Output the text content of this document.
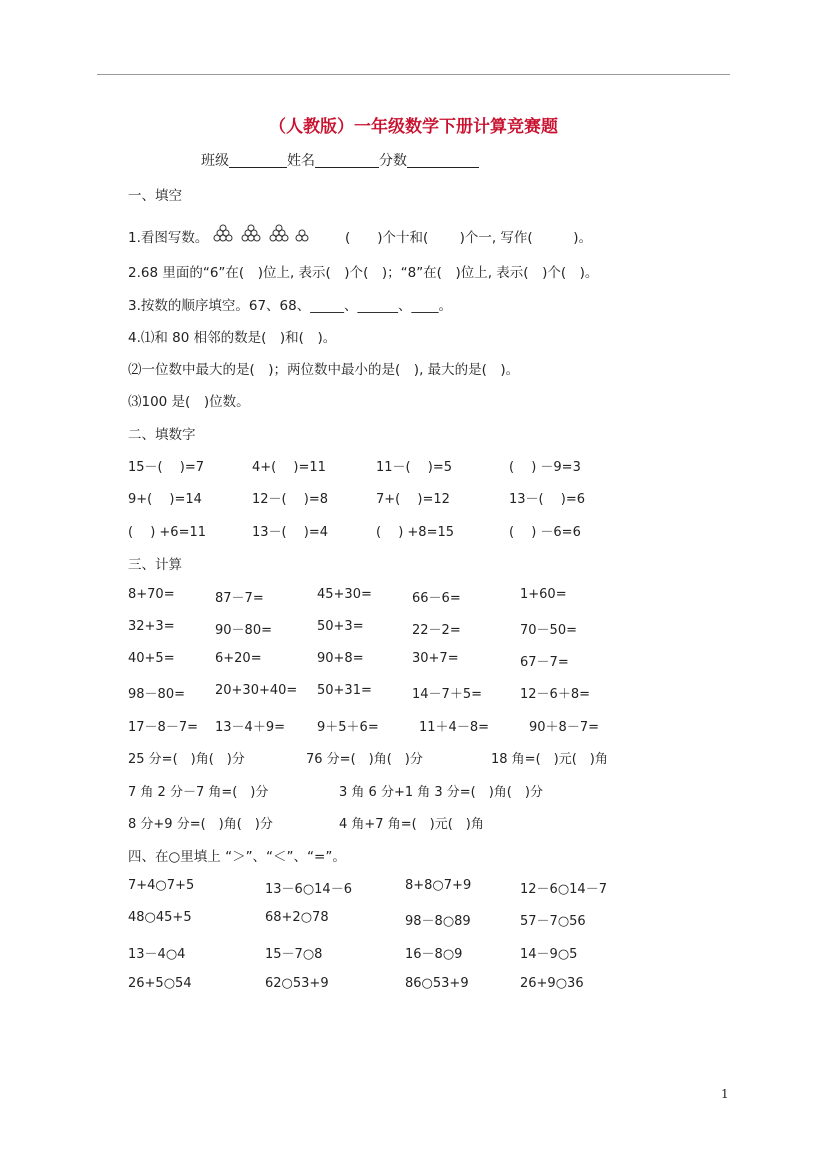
（人教版）一年级数学下册计算竞赛题
班级	姓名	分数
一、填空
1.看图写数。	(　　)个十和(　　 )个一, 写作(　　　)。
2.68 里面的“6”在(　)位上, 表示(　)个(　)；“8”在(　)位上, 表示(　)个(　)。
3.按数的顺序填空。67、68、_____、______、____。
4.⑴和 80 相邻的数是(　)和(　)。
⑵一位数中最大的是(　)；两位数中最小的是(　), 最大的是(　)。
⑶100 是(　)位数。
二、填数字
15－(　 )=7	4+(　 )=11	11－(　 )=5	(　 ) －9=3
9+(　 )=14	12－(　 )=8	7+(　 )=12	13－(　 )=6
(　 ) +6=11	13－(　 )=4	(　 ) +8=15	(　 ) －6=6
三、计算
8+70=	87－7=	45+30=	66－6=	1+60=
32+3=	90－80=	50+3=	22－2=	70－50=
40+5=	6+20=	90+8=	30+7=	67－7=
98－80= 20+30+40= 50+31=	14－7＋5=	12－6＋8=
17－8－7= 13－4＋9= 9＋5＋6=	11＋4－8=	90＋8－7=
25 分=(　)角(　)分	76 分=(　)角(　)分	18 角=(　)元(　)角
7 角 2 分－7 角=(　)分	3 角 6 分+1 角 3 分=(　)角(　)分
8 分+9 分=(　)角(　)分	4 角+7 角=(　)元(　)角
四、在○里填上 “＞”、“＜”、“=”。
7+4○7+5	13－6○14－6	8+8○7+9	12－6○14－7
48○45+5	68+2○78	98－8○89	57－7○56
13－4○4	15－7○8	16－8○9	14－9○5
26+5○54	62○53+9	86○53+9	26+9○36
1
